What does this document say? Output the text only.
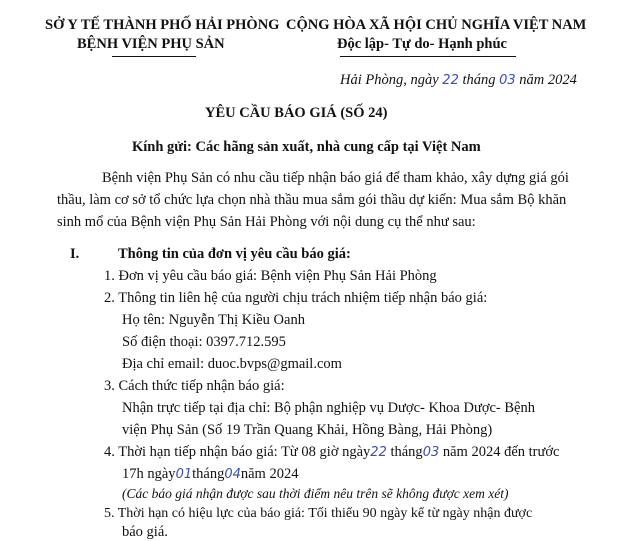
SỞ Y TẾ THÀNH PHỐ HẢI PHÒNG
BỆNH VIỆN PHỤ SẢN
CỘNG HÒA XÃ HỘI CHỦ NGHĨA VIỆT NAM
Độc lập- Tự do- Hạnh phúc
Hải Phòng, ngày 22 tháng 03 năm 2024
YÊU CẦU BÁO GIÁ (SỐ 24)
Kính gửi: Các hãng sản xuất, nhà cung cấp tại Việt Nam
Bệnh viện Phụ Sản có nhu cầu tiếp nhận báo giá để tham khảo, xây dựng giá gói
thầu, làm cơ sở tổ chức lựa chọn nhà thầu mua sắm gói thầu dự kiến: Mua sắm Bộ khăn
sinh mổ của Bệnh viện Phụ Sản Hải Phòng với nội dung cụ thể như sau:
I.	Thông tin của đơn vị yêu cầu báo giá:
1. Đơn vị yêu cầu báo giá: Bệnh viện Phụ Sản Hải Phòng
2. Thông tin liên hệ của người chịu trách nhiệm tiếp nhận báo giá:
Họ tên: Nguyễn Thị Kiều Oanh
Số điện thoại: 0397.712.595
Địa chỉ email: duoc.bvps@gmail.com
3. Cách thức tiếp nhận báo giá:
Nhận trực tiếp tại địa chỉ: Bộ phận nghiệp vụ Dược- Khoa Dược- Bệnh
viện Phụ Sản (Số 19 Trần Quang Khải, Hồng Bàng, Hải Phòng)
4. Thời hạn tiếp nhận báo giá: Từ 08 giờ ngày22 tháng03 năm 2024 đến trước
17h ngày01tháng04năm 2024
(Các báo giá nhận được sau thời điểm nêu trên sẽ không được xem xét)
5. Thời hạn có hiệu lực của báo giá: Tối thiểu 90 ngày kể từ ngày nhận được
báo giá.
